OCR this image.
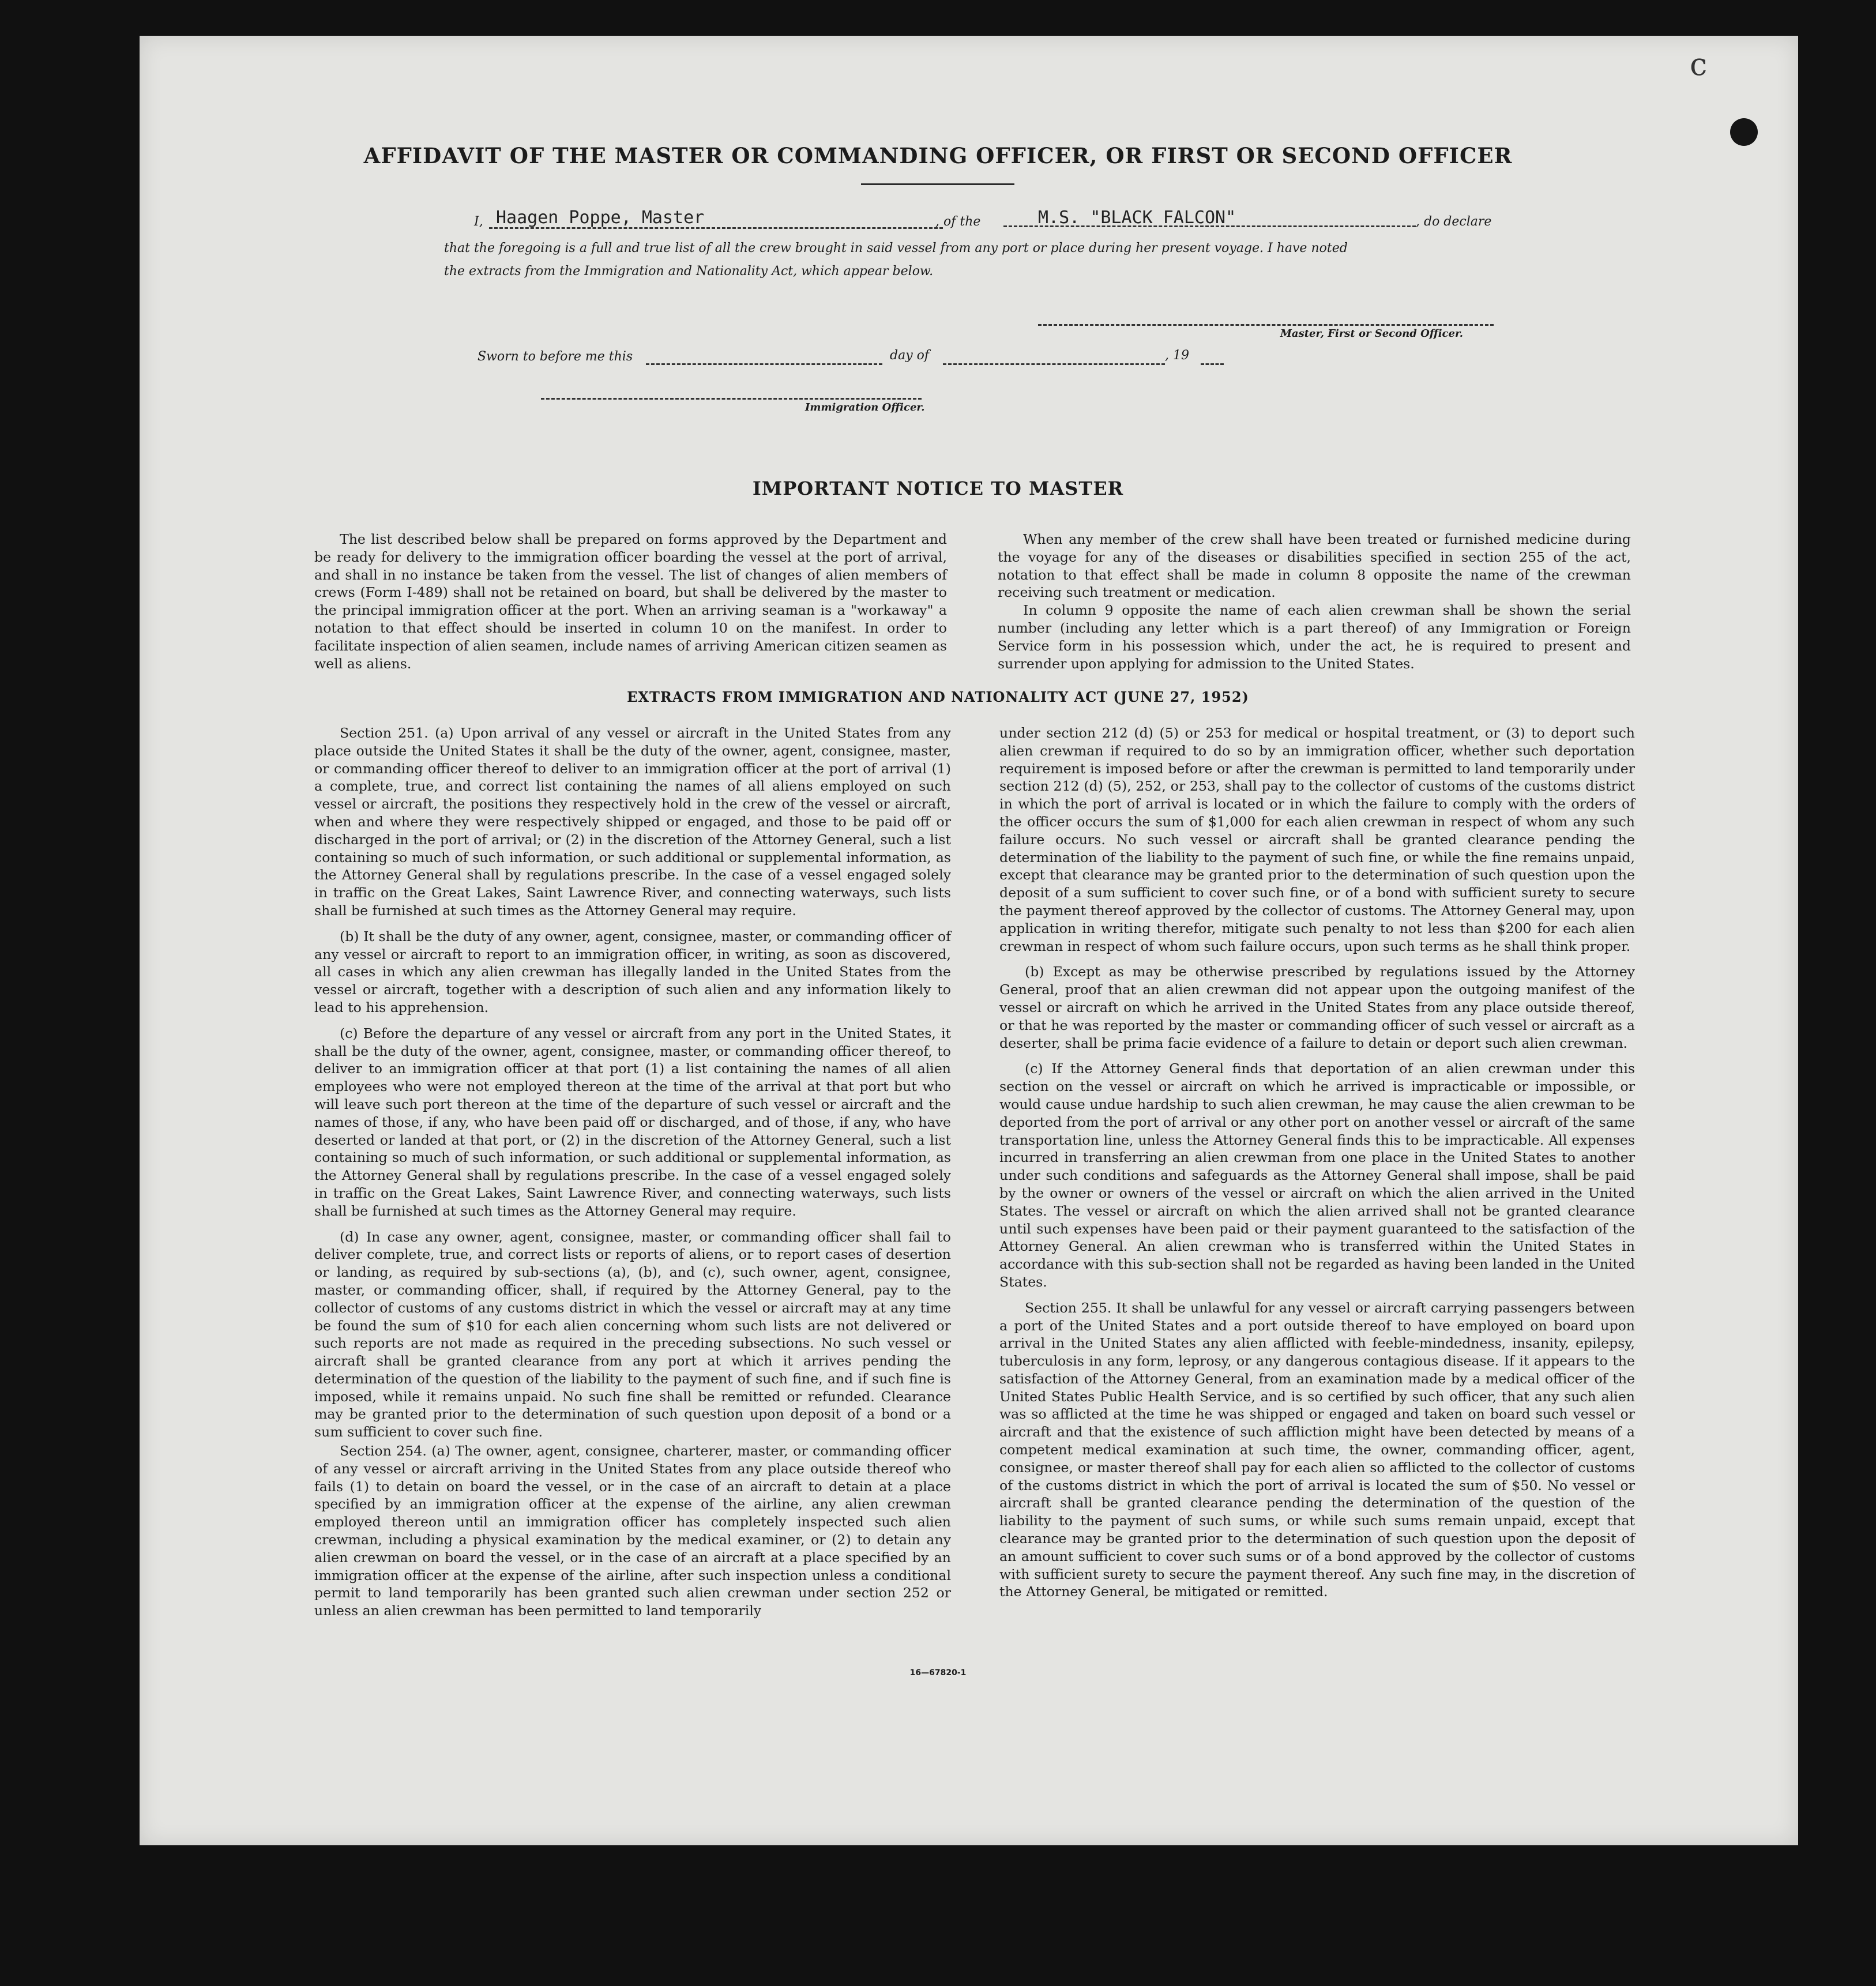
c
AFFIDAVIT OF THE MASTER OR COMMANDING OFFICER, OR FIRST OR SECOND OFFICER
I, Haagen Poppe, Master	, of the	M.S. "BLACK FALCON"	, do declare
that the foregoing is a full and true list of all the crew brought in said vessel from any port or place during her present voyage. I have noted
the extracts from the Immigration and Nationality Act, which appear below.
Master, First or Second Officer.
Sworn to before me this	day of	, 19
Immigration Officer.
IMPORTANT NOTICE TO MASTER

The list described below shall be prepared on forms approved by the Department and be ready for delivery to the immigration officer boarding the vessel at the port of arrival, and shall in no instance be taken from the vessel. The list of changes of alien members of crews (Form I-489) shall not be retained on board, but shall be delivered by the master to the principal immigration officer at the port. When an arriving seaman is a "workaway" a notation to that effect should be inserted in column 10 on the manifest. In order to facilitate inspection of alien seamen, include names of arriving American citizen seamen as well as aliens.

When any member of the crew shall have been treated or furnished medicine during the voyage for any of the diseases or disabilities specified in section 255 of the act, notation to that effect shall be made in column 8 opposite the name of the crewman receiving such treatment or medication.

In column 9 opposite the name of each alien crewman shall be shown the serial number (including any letter which is a part thereof) of any Immigration or Foreign Service form in his possession which, under the act, he is required to present and surrender upon applying for admission to the United States.

EXTRACTS FROM IMMIGRATION AND NATIONALITY ACT (JUNE 27, 1952)

Section 251. (a) Upon arrival of any vessel or aircraft in the United States from any place outside the United States it shall be the duty of the owner, agent, consignee, master, or commanding officer thereof to deliver to an immigration officer at the port of arrival (1) a complete, true, and correct list containing the names of all aliens employed on such vessel or aircraft, the positions they respectively hold in the crew of the vessel or aircraft, when and where they were respectively shipped or engaged, and those to be paid off or discharged in the port of arrival; or (2) in the discretion of the Attorney General, such a list containing so much of such information, or such additional or supplemental information, as the Attorney General shall by regulations prescribe. In the case of a vessel engaged solely in traffic on the Great Lakes, Saint Lawrence River, and connecting waterways, such lists shall be furnished at such times as the Attorney General may require.

(b) It shall be the duty of any owner, agent, consignee, master, or commanding officer of any vessel or aircraft to report to an immigration officer, in writing, as soon as discovered, all cases in which any alien crewman has illegally landed in the United States from the vessel or aircraft, together with a description of such alien and any information likely to lead to his apprehension.

(c) Before the departure of any vessel or aircraft from any port in the United States, it shall be the duty of the owner, agent, consignee, master, or commanding officer thereof, to deliver to an immigration officer at that port (1) a list containing the names of all alien employees who were not employed thereon at the time of the arrival at that port but who will leave such port thereon at the time of the departure of such vessel or aircraft and the names of those, if any, who have been paid off or discharged, and of those, if any, who have deserted or landed at that port, or (2) in the discretion of the Attorney General, such a list containing so much of such information, or such additional or supplemental information, as the Attorney General shall by regulations prescribe. In the case of a vessel engaged solely in traffic on the Great Lakes, Saint Lawrence River, and connecting waterways, such lists shall be furnished at such times as the Attorney General may require.

(d) In case any owner, agent, consignee, master, or commanding officer shall fail to deliver complete, true, and correct lists or reports of aliens, or to report cases of desertion or landing, as required by sub-sections (a), (b), and (c), such owner, agent, consignee, master, or commanding officer, shall, if required by the Attorney General, pay to the collector of customs of any customs district in which the vessel or aircraft may at any time be found the sum of $10 for each alien concerning whom such lists are not delivered or such reports are not made as required in the preceding subsections. No such vessel or aircraft shall be granted clearance from any port at which it arrives pending the determination of the question of the liability to the payment of such fine, and if such fine is imposed, while it remains unpaid. No such fine shall be remitted or refunded. Clearance may be granted prior to the determination of such question upon deposit of a bond or a sum sufficient to cover such fine.

Section 254. (a) The owner, agent, consignee, charterer, master, or commanding officer of any vessel or aircraft arriving in the United States from any place outside thereof who fails (1) to detain on board the vessel, or in the case of an aircraft to detain at a place specified by an immigration officer at the expense of the airline, any alien crewman employed thereon until an immigration officer has completely inspected such alien crewman, including a physical examination by the medical examiner, or (2) to detain any alien crewman on board the vessel, or in the case of an aircraft at a place specified by an immigration officer at the expense of the airline, after such inspection unless a conditional permit to land temporarily has been granted such alien crewman under section 252 or unless an alien crewman has been permitted to land temporarily

under section 212 (d) (5) or 253 for medical or hospital treatment, or (3) to deport such alien crewman if required to do so by an immigration officer, whether such deportation requirement is imposed before or after the crewman is permitted to land temporarily under section 212 (d) (5), 252, or 253, shall pay to the collector of customs of the customs district in which the port of arrival is located or in which the failure to comply with the orders of the officer occurs the sum of $1,000 for each alien crewman in respect of whom any such failure occurs. No such vessel or aircraft shall be granted clearance pending the determination of the liability to the payment of such fine, or while the fine remains unpaid, except that clearance may be granted prior to the determination of such question upon the deposit of a sum sufficient to cover such fine, or of a bond with sufficient surety to secure the payment thereof approved by the collector of customs. The Attorney General may, upon application in writing therefor, mitigate such penalty to not less than $200 for each alien crewman in respect of whom such failure occurs, upon such terms as he shall think proper.

(b) Except as may be otherwise prescribed by regulations issued by the Attorney General, proof that an alien crewman did not appear upon the outgoing manifest of the vessel or aircraft on which he arrived in the United States from any place outside thereof, or that he was reported by the master or commanding officer of such vessel or aircraft as a deserter, shall be prima facie evidence of a failure to detain or deport such alien crewman.

(c) If the Attorney General finds that deportation of an alien crewman under this section on the vessel or aircraft on which he arrived is impracticable or impossible, or would cause undue hardship to such alien crewman, he may cause the alien crewman to be deported from the port of arrival or any other port on another vessel or aircraft of the same transportation line, unless the Attorney General finds this to be impracticable. All expenses incurred in transferring an alien crewman from one place in the United States to another under such conditions and safeguards as the Attorney General shall impose, shall be paid by the owner or owners of the vessel or aircraft on which the alien arrived in the United States. The vessel or aircraft on which the alien arrived shall not be granted clearance until such expenses have been paid or their payment guaranteed to the satisfaction of the Attorney General. An alien crewman who is transferred within the United States in accordance with this sub-section shall not be regarded as having been landed in the United States.

Section 255. It shall be unlawful for any vessel or aircraft carrying passengers between a port of the United States and a port outside thereof to have employed on board upon arrival in the United States any alien afflicted with feeble-mindedness, insanity, epilepsy, tuberculosis in any form, leprosy, or any dangerous contagious disease. If it appears to the satisfaction of the Attorney General, from an examination made by a medical officer of the United States Public Health Service, and is so certified by such officer, that any such alien was so afflicted at the time he was shipped or engaged and taken on board such vessel or aircraft and that the existence of such affliction might have been detected by means of a competent medical examination at such time, the owner, commanding officer, agent, consignee, or master thereof shall pay for each alien so afflicted to the collector of customs of the customs district in which the port of arrival is located the sum of $50. No vessel or aircraft shall be granted clearance pending the determination of the question of the liability to the payment of such sums, or while such sums remain unpaid, except that clearance may be granted prior to the determination of such question upon the deposit of an amount sufficient to cover such sums or of a bond approved by the collector of customs with sufficient surety to secure the payment thereof. Any such fine may, in the discretion of the Attorney General, be mitigated or remitted.

16—67820-1
